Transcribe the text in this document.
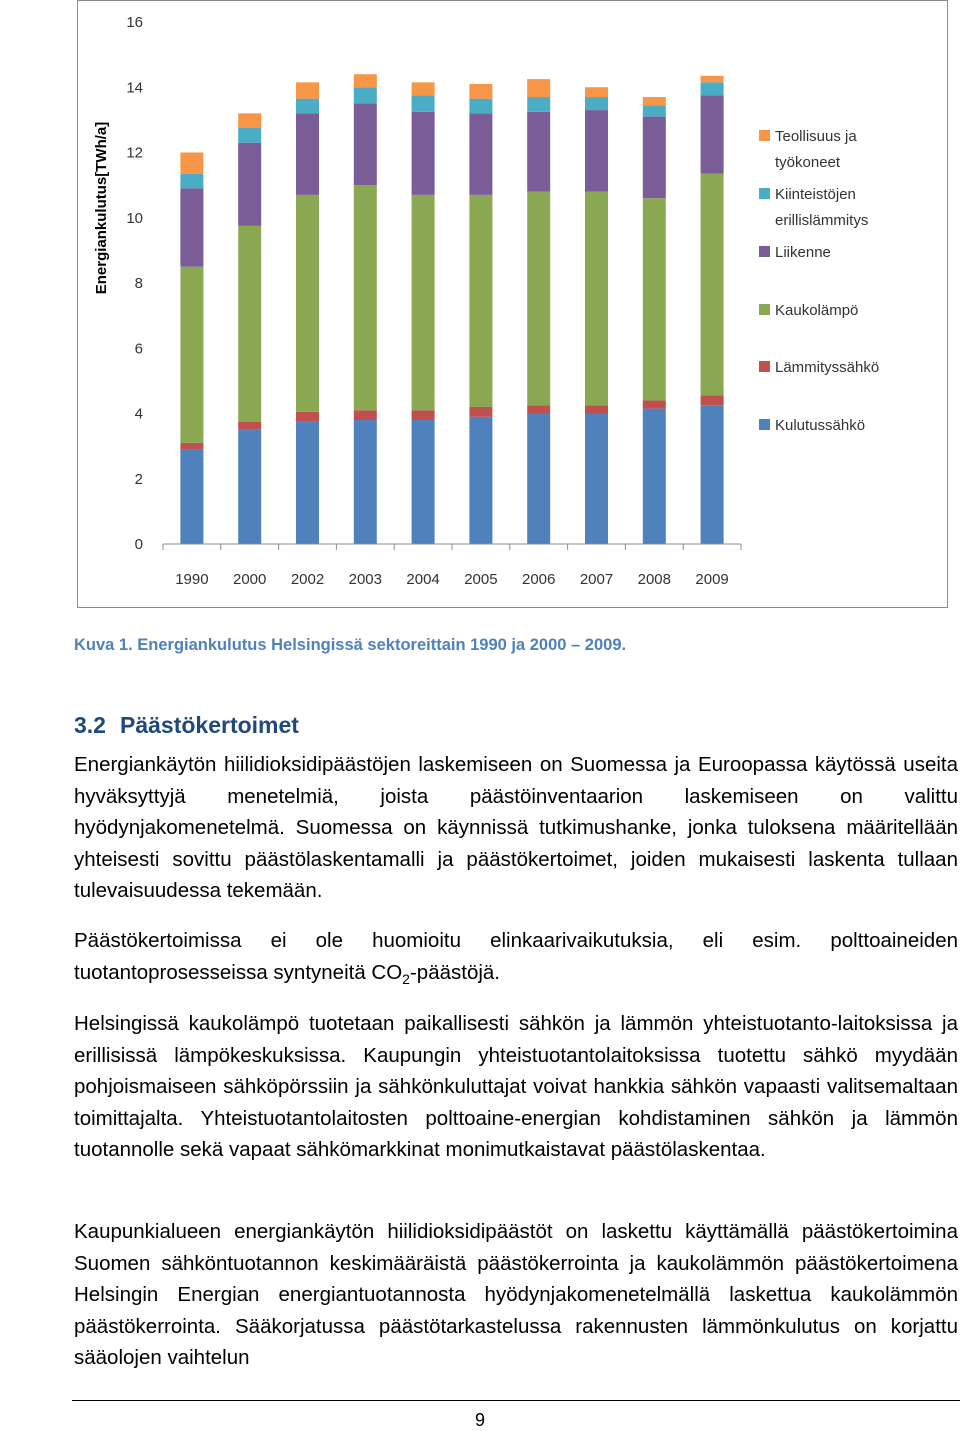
0
2
4
6
8
10
12
14
16
Energiankulutus[TWh/a]
1990 2000 2002 2003 2004 2005 2006 2007 2008 2009
Teollisuus ja
työkoneet
Kiinteistöjen
erillislämmitys
Liikenne
Kaukolämpö
Lämmityssähkö
Kulutussähkö
Kuva 1. Energiankulutus Helsingissä sektoreittain 1990 ja 2000 – 2009.
3.2 Päästökertoimet
Energiankäytön hiilidioksidipäästöjen laskemiseen on Suomessa ja Euroopassa käytössä useita hyväksyttyjä menetelmiä, joista päästöinventaarion laskemiseen on valittu hyödynjakomenetelmä. Suomessa on käynnissä tutkimushanke, jonka tuloksena määritellään yhteisesti sovittu päästölaskentamalli ja päästökertoimet, joiden mukaisesti laskenta tullaan tulevaisuudessa tekemään.
Päästökertoimissa ei ole huomioitu elinkaarivaikutuksia, eli esim. polttoaineiden tuotantoprosesseissa syntyneitä $CO_2$-päästöjä.
Helsingissä kaukolämpö tuotetaan paikallisesti sähkön ja lämmön yhteistuotanto-laitoksissa ja erillisissä lämpökeskuksissa. Kaupungin yhteistuotantolaitoksissa tuotettu sähkö myydään pohjoismaiseen sähköpörssiin ja sähkönkuluttajat voivat hankkia sähkön vapaasti valitsemaltaan toimittajalta. Yhteistuotantolaitosten polttoaine-energian kohdistaminen sähkön ja lämmön tuotannolle sekä vapaat sähkömarkkinat monimutkaistavat päästölaskentaa.
Kaupunkialueen energiankäytön hiilidioksidipäästöt on laskettu käyttämällä päästökertoimina Suomen sähköntuotannon keskimääräistä päästökerrointa ja kaukolämmön päästökertoimena Helsingin Energian energiantuotannosta hyödynjakomenetelmällä laskettua kaukolämmön päästökerrointa. Sääkorjatussa päästötarkastelussa rakennusten lämmönkulutus on korjattu sääolojen vaihtelun
9
